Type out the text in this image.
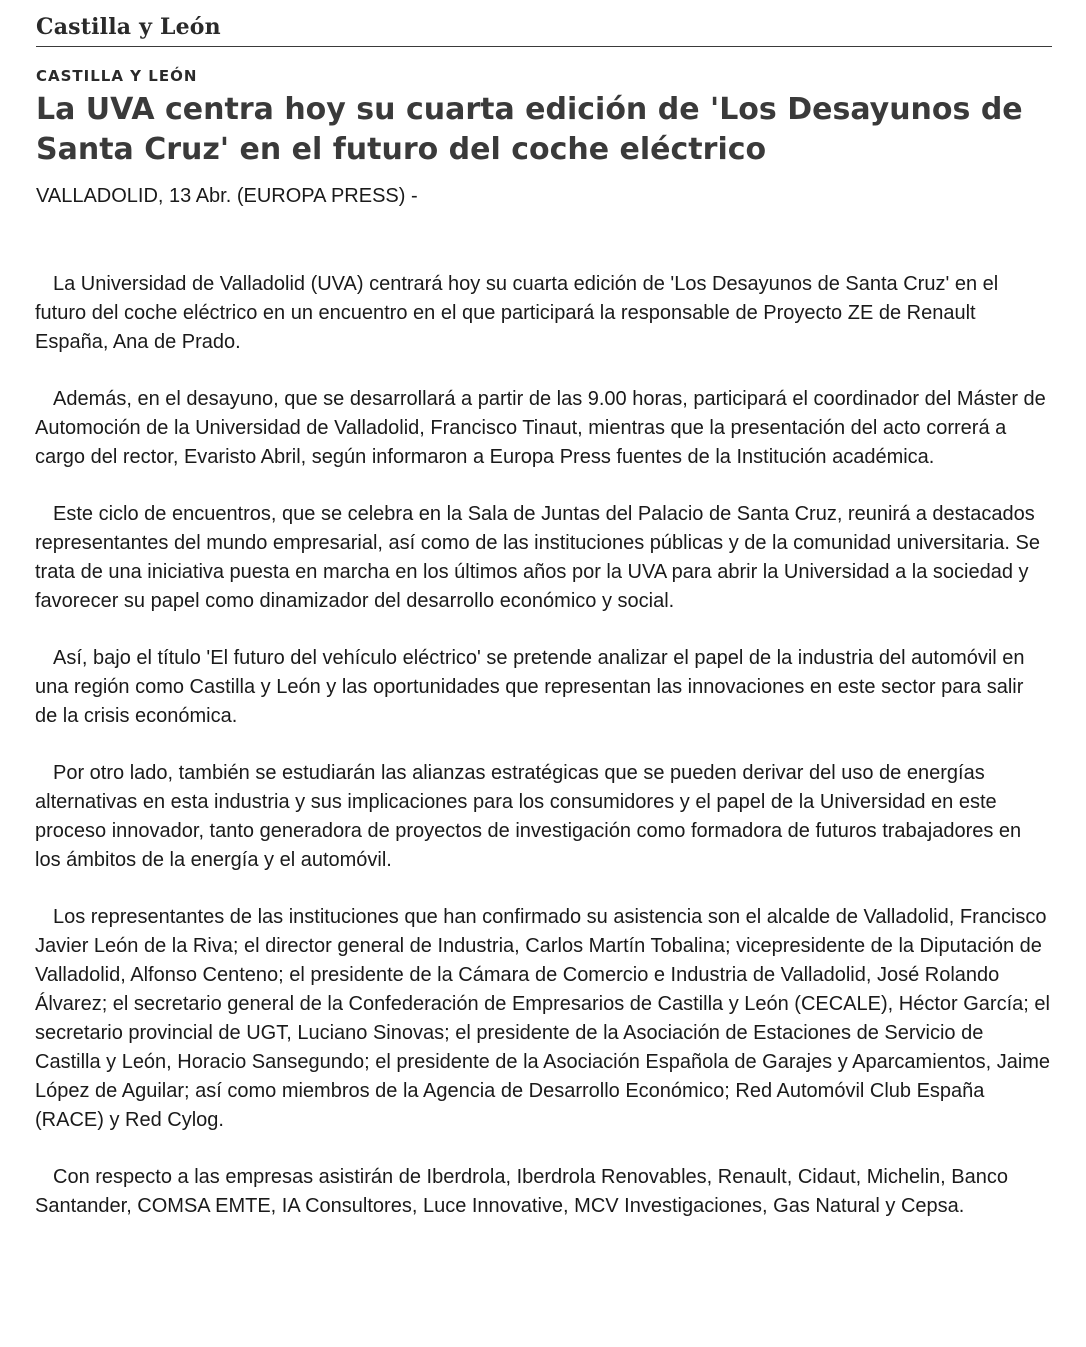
Castilla y León
CASTILLA Y LEÓN
La UVA centra hoy su cuarta edición de 'Los Desayunos de Santa Cruz' en el futuro del coche eléctrico
VALLADOLID, 13 Abr. (EUROPA PRESS) -

La Universidad de Valladolid (UVA) centrará hoy su cuarta edición de 'Los Desayunos de Santa Cruz' en el futuro del coche eléctrico en un encuentro en el que participará la responsable de Proyecto ZE de Renault España, Ana de Prado.

Además, en el desayuno, que se desarrollará a partir de las 9.00 horas, participará el coordinador del Máster de Automoción de la Universidad de Valladolid, Francisco Tinaut, mientras que la presentación del acto correrá a cargo del rector, Evaristo Abril, según informaron a Europa Press fuentes de la Institución académica.

Este ciclo de encuentros, que se celebra en la Sala de Juntas del Palacio de Santa Cruz, reunirá a destacados representantes del mundo empresarial, así como de las instituciones públicas y de la comunidad universitaria. Se trata de una iniciativa puesta en marcha en los últimos años por la UVA para abrir la Universidad a la sociedad y favorecer su papel como dinamizador del desarrollo económico y social.

Así, bajo el título 'El futuro del vehículo eléctrico' se pretende analizar el papel de la industria del automóvil en una región como Castilla y León y las oportunidades que representan las innovaciones en este sector para salir de la crisis económica.

Por otro lado, también se estudiarán las alianzas estratégicas que se pueden derivar del uso de energías alternativas en esta industria y sus implicaciones para los consumidores y el papel de la Universidad en este proceso innovador, tanto generadora de proyectos de investigación como formadora de futuros trabajadores en los ámbitos de la energía y el automóvil.

Los representantes de las instituciones que han confirmado su asistencia son el alcalde de Valladolid, Francisco Javier León de la Riva; el director general de Industria, Carlos Martín Tobalina; vicepresidente de la Diputación de Valladolid, Alfonso Centeno; el presidente de la Cámara de Comercio e Industria de Valladolid, José Rolando Álvarez; el secretario general de la Confederación de Empresarios de Castilla y León (CECALE), Héctor García; el secretario provincial de UGT, Luciano Sinovas; el presidente de la Asociación de Estaciones de Servicio de Castilla y León, Horacio Sansegundo; el presidente de la Asociación Española de Garajes y Aparcamientos, Jaime López de Aguilar; así como miembros de la Agencia de Desarrollo Económico; Red Automóvil Club España (RACE) y Red Cylog.

Con respecto a las empresas asistirán de Iberdrola, Iberdrola Renovables, Renault, Cidaut, Michelin, Banco Santander, COMSA EMTE, IA Consultores, Luce Innovative, MCV Investigaciones, Gas Natural y Cepsa.
